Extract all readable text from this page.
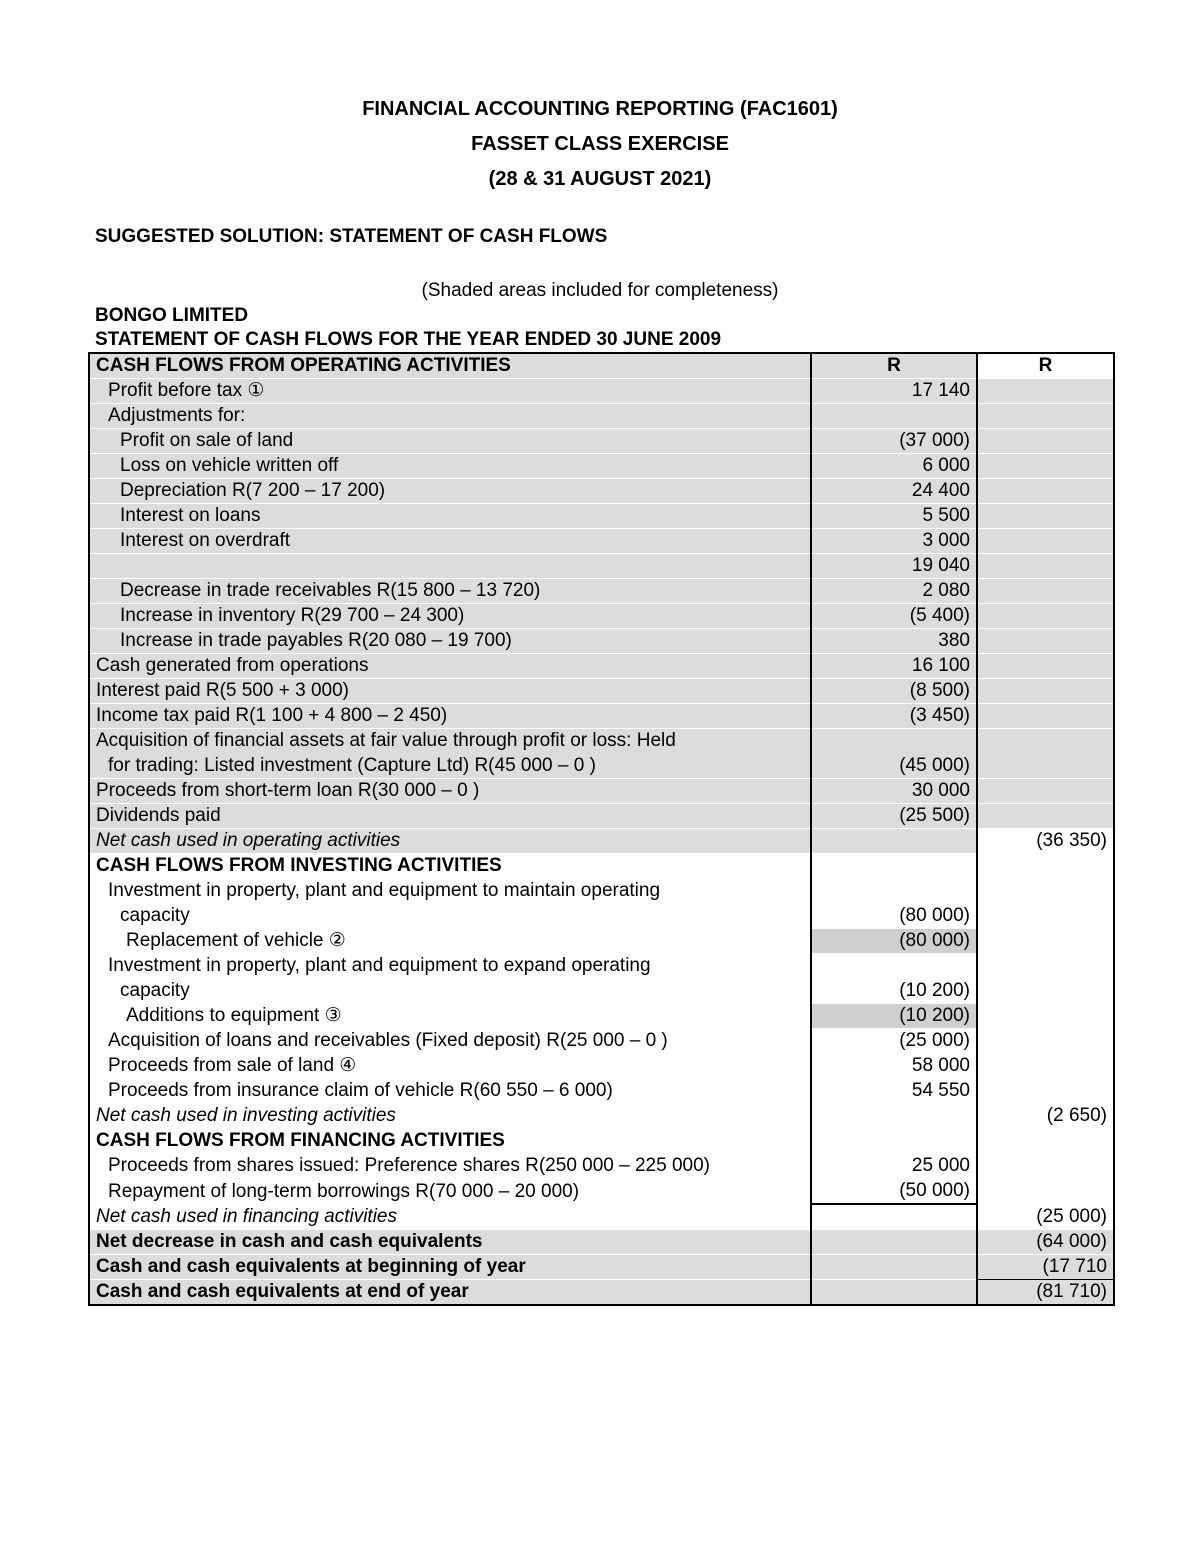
FINANCIAL ACCOUNTING REPORTING (FAC1601)
FASSET CLASS EXERCISE
(28 & 31 AUGUST 2021)
SUGGESTED SOLUTION: STATEMENT OF CASH FLOWS
(Shaded areas included for completeness)
BONGO LIMITED
STATEMENT OF CASH FLOWS FOR THE YEAR ENDED 30 JUNE 2009
CASH FLOWS FROM OPERATING ACTIVITIES	R	R
Profit before tax ①	17 140	
Adjustments for:		
Profit on sale of land	(37 000)	
Loss on vehicle written off	6 000	
Depreciation R(7 200 – 17 200)	24 400	
Interest on loans	5 500	
Interest on overdraft	3 000	
	19 040	
Decrease in trade receivables R(15 800 – 13 720)	2 080	
Increase in inventory R(29 700 – 24 300)	(5 400)	
Increase in trade payables R(20 080 – 19 700)	380	
Cash generated from operations	16 100	
Interest paid R(5 500 + 3 000)	(8 500)	
Income tax paid R(1 100 + 4 800 – 2 450)	(3 450)	
Acquisition of financial assets at fair value through profit or loss: Held		
for trading: Listed investment (Capture Ltd) R(45 000 – 0 )	(45 000)	
Proceeds from short-term loan R(30 000 – 0 )	30 000	
Dividends paid	(25 500)	
Net cash used in operating activities		(36 350)
CASH FLOWS FROM INVESTING ACTIVITIES		
Investment in property, plant and equipment to maintain operating		
capacity	(80 000)	
Replacement of vehicle ②	(80 000)	
Investment in property, plant and equipment to expand operating		
capacity	(10 200)	
Additions to equipment ③	(10 200)	
Acquisition of loans and receivables (Fixed deposit) R(25 000 – 0 )	(25 000)	
Proceeds from sale of land ④	58 000	
Proceeds from insurance claim of vehicle R(60 550 – 6 000)	54 550	
Net cash used in investing activities		(2 650)
CASH FLOWS FROM FINANCING ACTIVITIES		
Proceeds from shares issued: Preference shares R(250 000 – 225 000)	25 000	
Repayment of long-term borrowings R(70 000 – 20 000)	(50 000)	
Net cash used in financing activities		(25 000)
Net decrease in cash and cash equivalents		(64 000)
Cash and cash equivalents at beginning of year		(17 710
Cash and cash equivalents at end of year		(81 710)
